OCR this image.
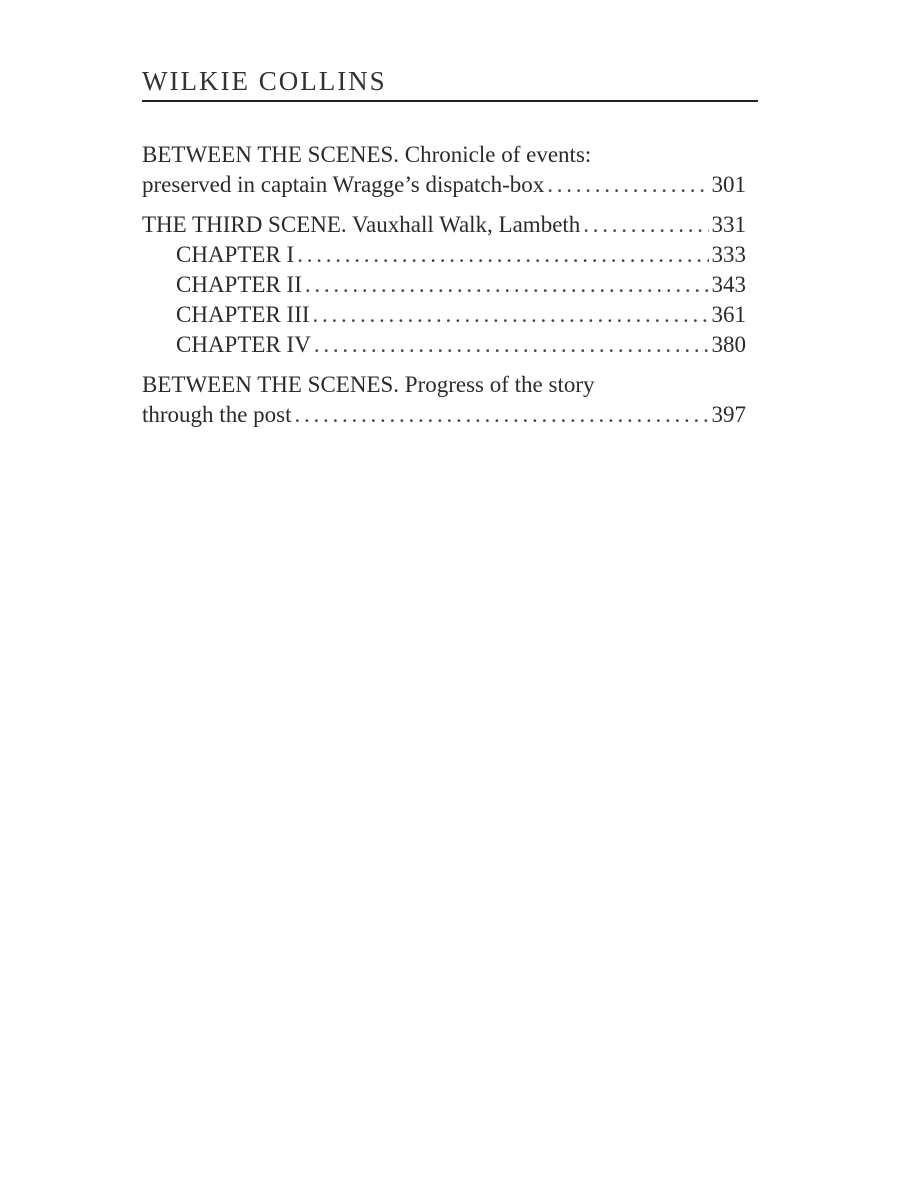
WILKIE COLLINS
BETWEEN THE SCENES. Chronicle of events:
preserved in captain Wragge’s dispatch-box . . .	301
THE THIRD SCENE. Vauxhall Walk, Lambeth . . .	331
CHAPTER I . . .	333
CHAPTER II . . .	343
CHAPTER III . . .	361
CHAPTER IV . . .	380
BETWEEN THE SCENES. Progress of the story
through the post . . .	397
